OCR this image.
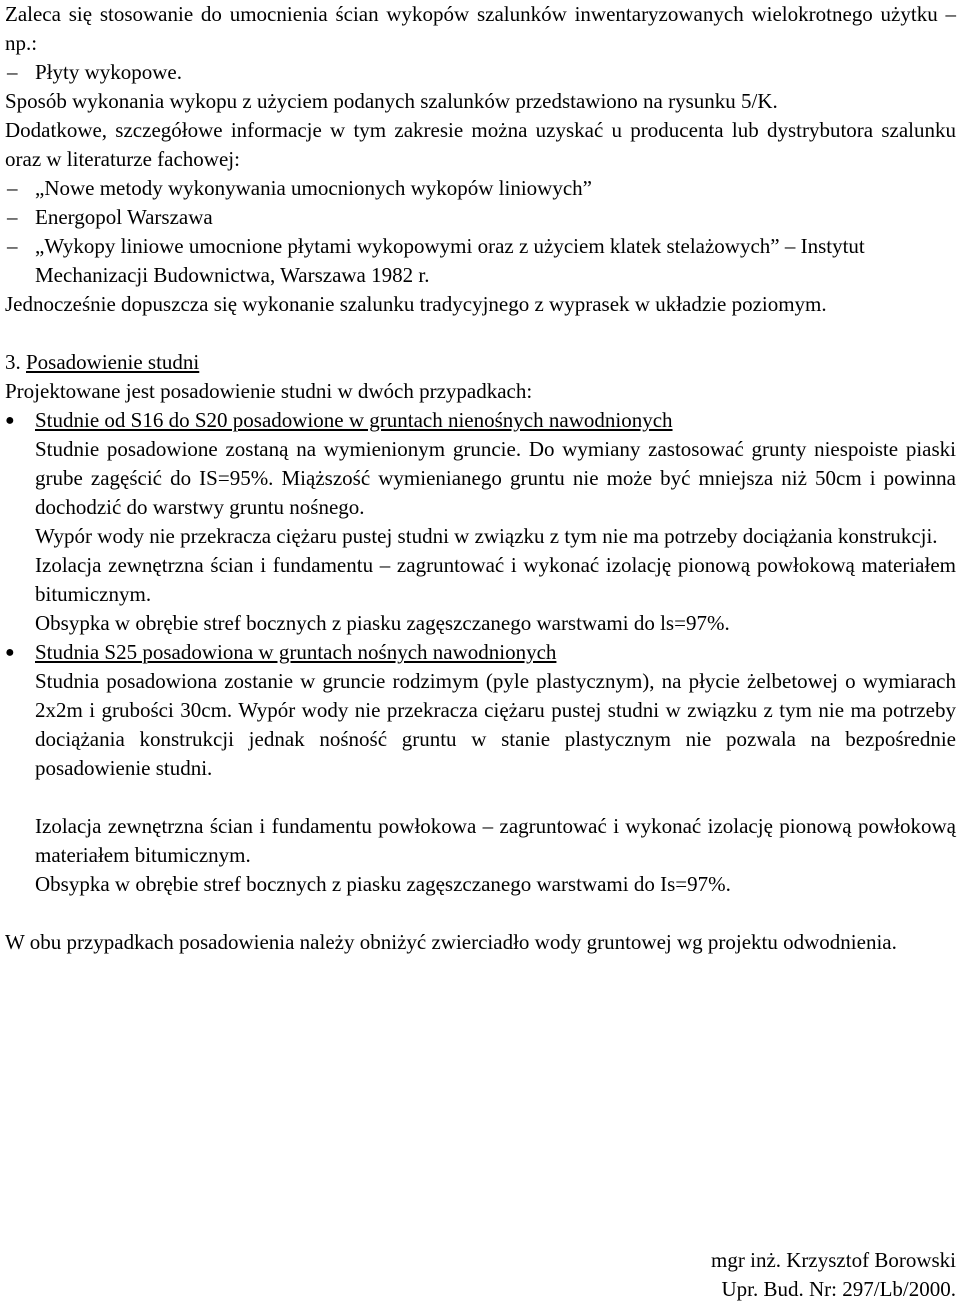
Zaleca się stosowanie do umocnienia ścian wykopów szalunków inwentaryzowanych wielokrotnego użytku – np.:

– Płyty wykopowe.

Sposób wykonania wykopu z użyciem podanych szalunków przedstawiono na rysunku 5/K.

Dodatkowe, szczegółowe informacje w tym zakresie można uzyskać u producenta lub dystrybutora szalunku oraz w literaturze fachowej:

– „Nowe metody wykonywania umocnionych wykopów liniowych”

– Energopol Warszawa

– „Wykopy liniowe umocnione płytami wykopowymi oraz z użyciem klatek stelażowych” – Instytut Mechanizacji Budownictwa, Warszawa 1982 r.

Jednocześnie dopuszcza się wykonanie szalunku tradycyjnego z wyprasek w układzie poziomym.

3. Posadowienie studni

Projektowane jest posadowienie studni w dwóch przypadkach:

● Studnie od S16 do S20 posadowione w gruntach nienośnych nawodnionych

Studnie posadowione zostaną na wymienionym gruncie. Do wymiany zastosować grunty niespoiste piaski grube zagęścić do IS=95%. Miąższość wymienianego gruntu nie może być mniejsza niż 50cm i powinna dochodzić do warstwy gruntu nośnego.

Wypór wody nie przekracza ciężaru pustej studni w związku z tym nie ma potrzeby dociążania konstrukcji.

Izolacja zewnętrzna ścian i fundamentu – zagruntować i wykonać izolację pionową powłokową materiałem bitumicznym.

Obsypka w obrębie stref bocznych z piasku zagęszczanego warstwami do ls=97%.

● Studnia S25 posadowiona w gruntach nośnych nawodnionych

Studnia posadowiona zostanie w gruncie rodzimym (pyle plastycznym), na płycie żelbetowej o wymiarach 2x2m i grubości 30cm. Wypór wody nie przekracza ciężaru pustej studni w związku z tym nie ma potrzeby dociążania konstrukcji jednak nośność gruntu w stanie plastycznym nie pozwala na bezpośrednie posadowienie studni.

Izolacja zewnętrzna ścian i fundamentu powłokowa – zagruntować i wykonać izolację pionową powłokową materiałem bitumicznym.

Obsypka w obrębie stref bocznych z piasku zagęszczanego warstwami do Is=97%.

W obu przypadkach posadowienia należy obniżyć zwierciadło wody gruntowej wg projektu odwodnienia.

mgr inż. Krzysztof Borowski

Upr. Bud. Nr: 297/Lb/2000.
